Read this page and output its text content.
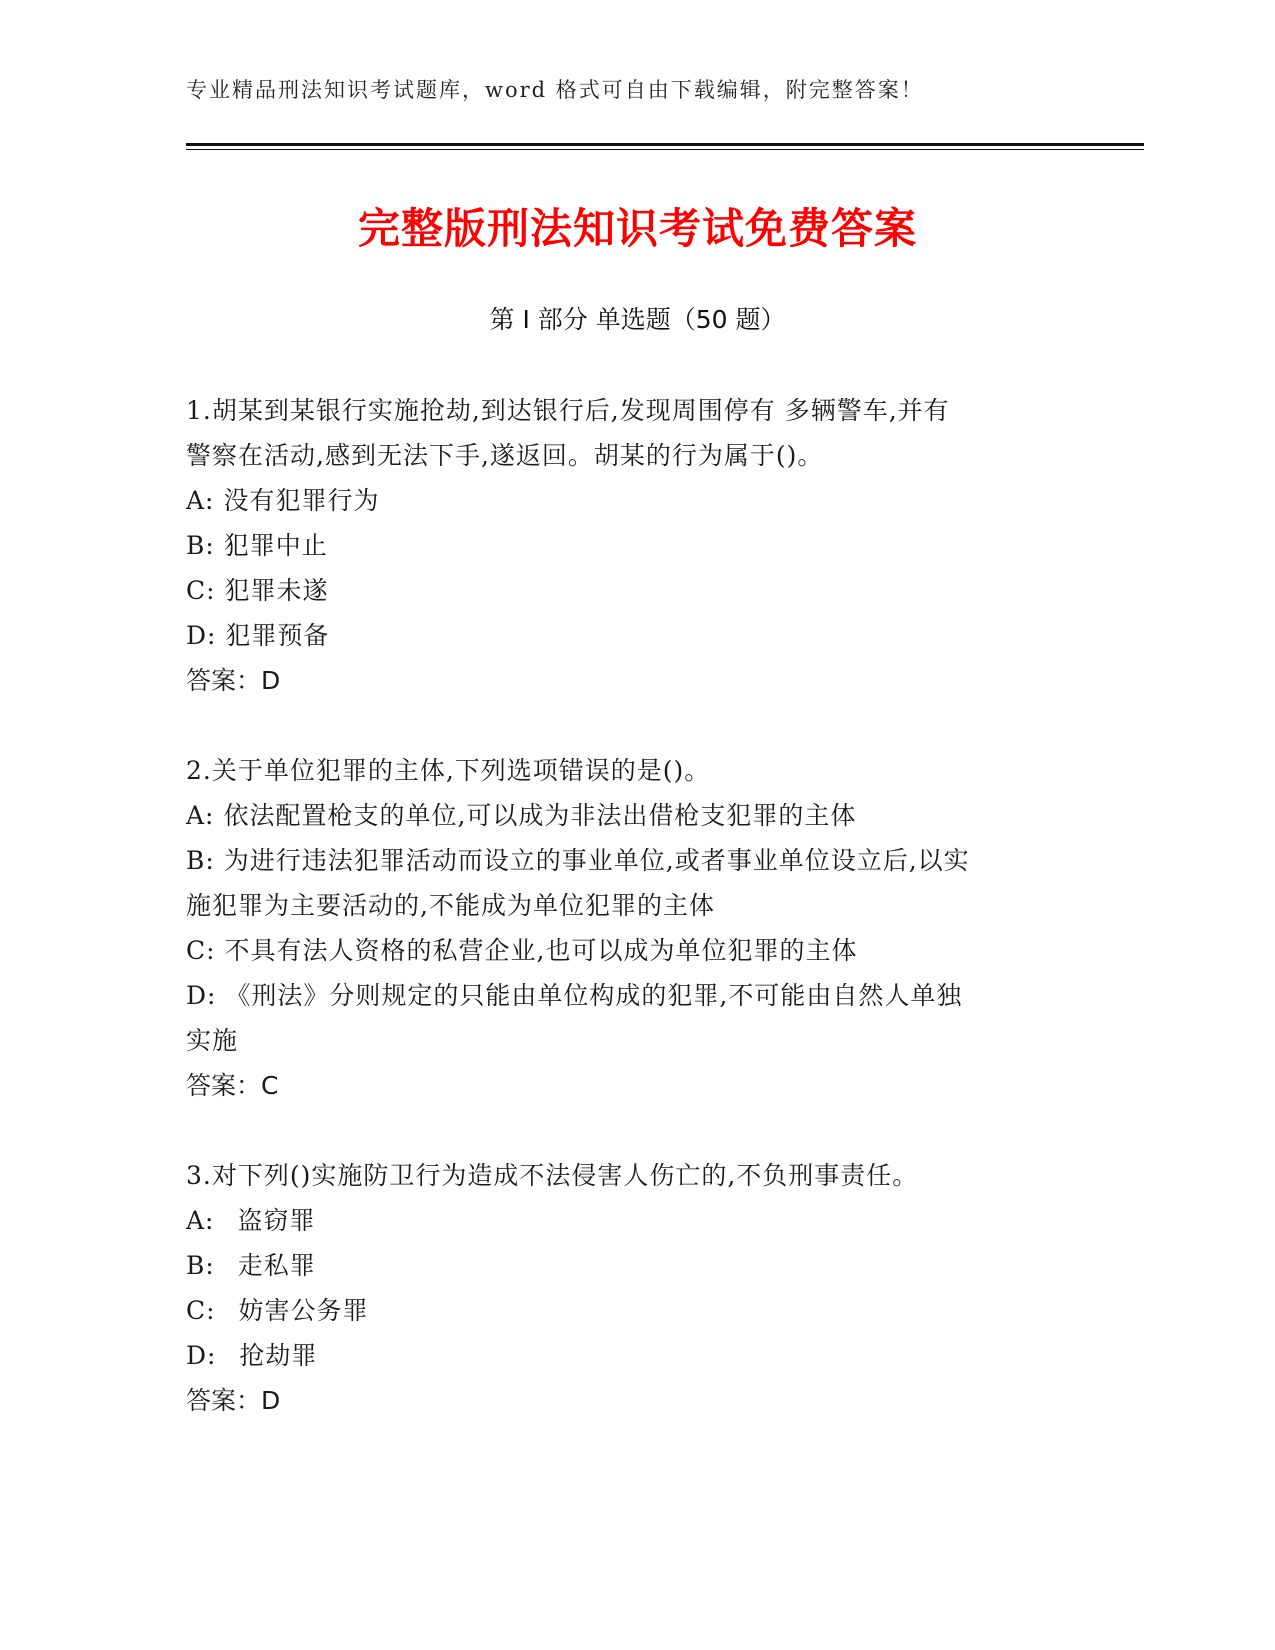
专业精品刑法知识考试题库，word 格式可自由下载编辑，附完整答案！
完整版刑法知识考试免费答案
第 I 部分 单选题（50 题）

1.胡某到某银行实施抢劫,到达银行后,发现周围停有 多辆警车,并有

警察在活动,感到无法下手,遂返回。胡某的行为属于()。

A: 没有犯罪行为

B: 犯罪中止

C: 犯罪未遂

D: 犯罪预备

答案：D

2.关于单位犯罪的主体,下列选项错误的是()。

A: 依法配置枪支的单位,可以成为非法出借枪支犯罪的主体

B: 为进行违法犯罪活动而设立的事业单位,或者事业单位设立后,以实

施犯罪为主要活动的,不能成为单位犯罪的主体

C: 不具有法人资格的私营企业,也可以成为单位犯罪的主体

D: 《刑法》分则规定的只能由单位构成的犯罪,不可能由自然人单独

实施

答案：C

3.对下列()实施防卫行为造成不法侵害人伤亡的,不负刑事责任。

A: 盗窃罪

B: 走私罪

C: 妨害公务罪

D: 抢劫罪

答案：D
